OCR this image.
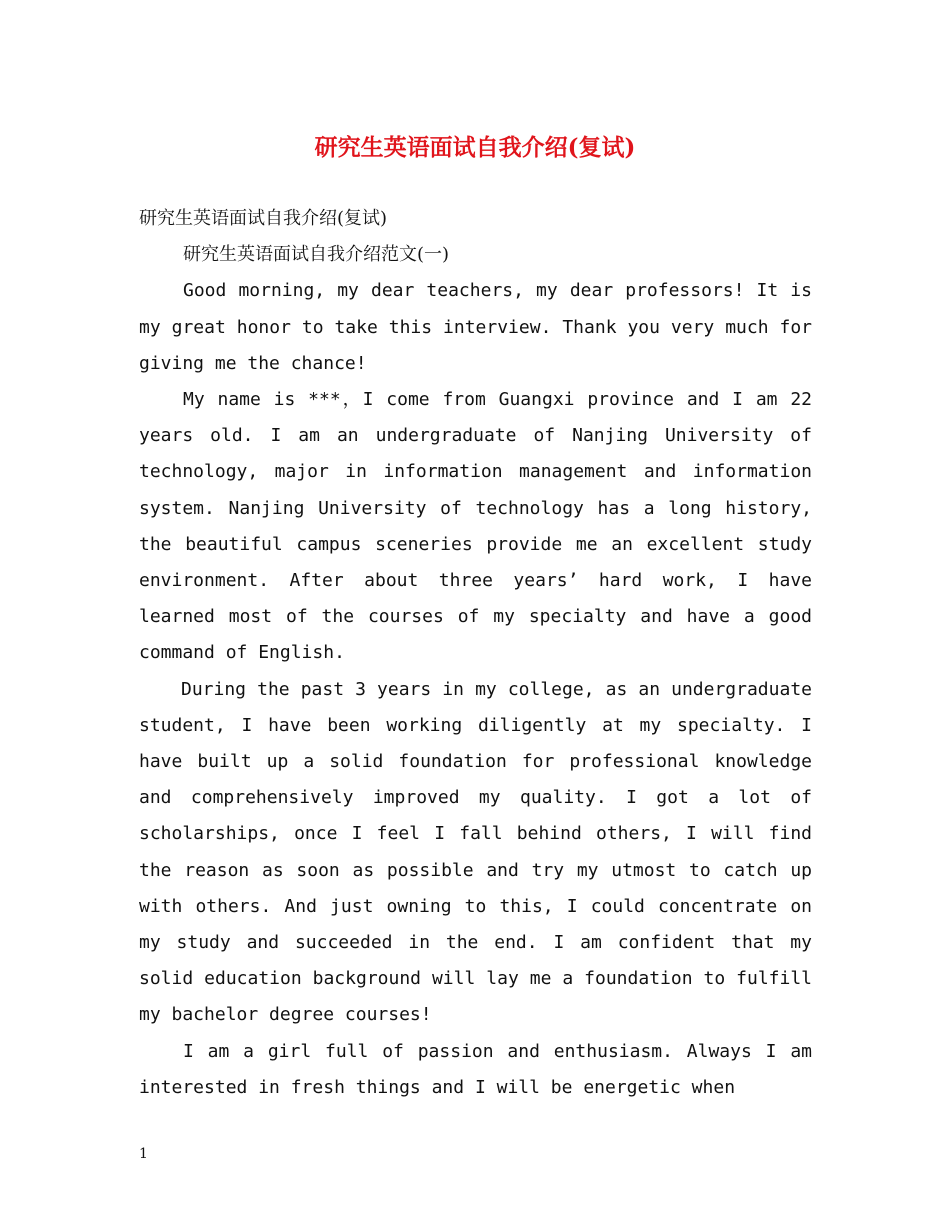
研究生英语面试自我介绍(复试)

研究生英语面试自我介绍(复试)

研究生英语面试自我介绍范文(一)

Good morning, my dear teachers, my dear professors! It is my great honor to take this interview. Thank you very much for giving me the chance!

My name is ***，I come from Guangxi province and I am 22 years old. I am an undergraduate of Nanjing University of technology, major in information management and information system. Nanjing University of technology has a long history, the beautiful campus sceneries provide me an excellent study environment. After about three years’ hard work, I have learned most of the courses of my specialty and have a good command of English.

During the past 3 years in my college, as an undergraduate student, I have been working diligently at my specialty. I have built up a solid foundation for professional knowledge and comprehensively improved my quality. I got a lot of scholarships, once I feel I fall behind others, I will find the reason as soon as possible and try my utmost to catch up with others. And just owning to this, I could concentrate on my study and succeeded in the end. I am confident that my solid education background will lay me a foundation to fulfill my bachelor degree courses!

I am a girl full of passion and enthusiasm. Always I am interested in fresh things and I will be energetic when

1
